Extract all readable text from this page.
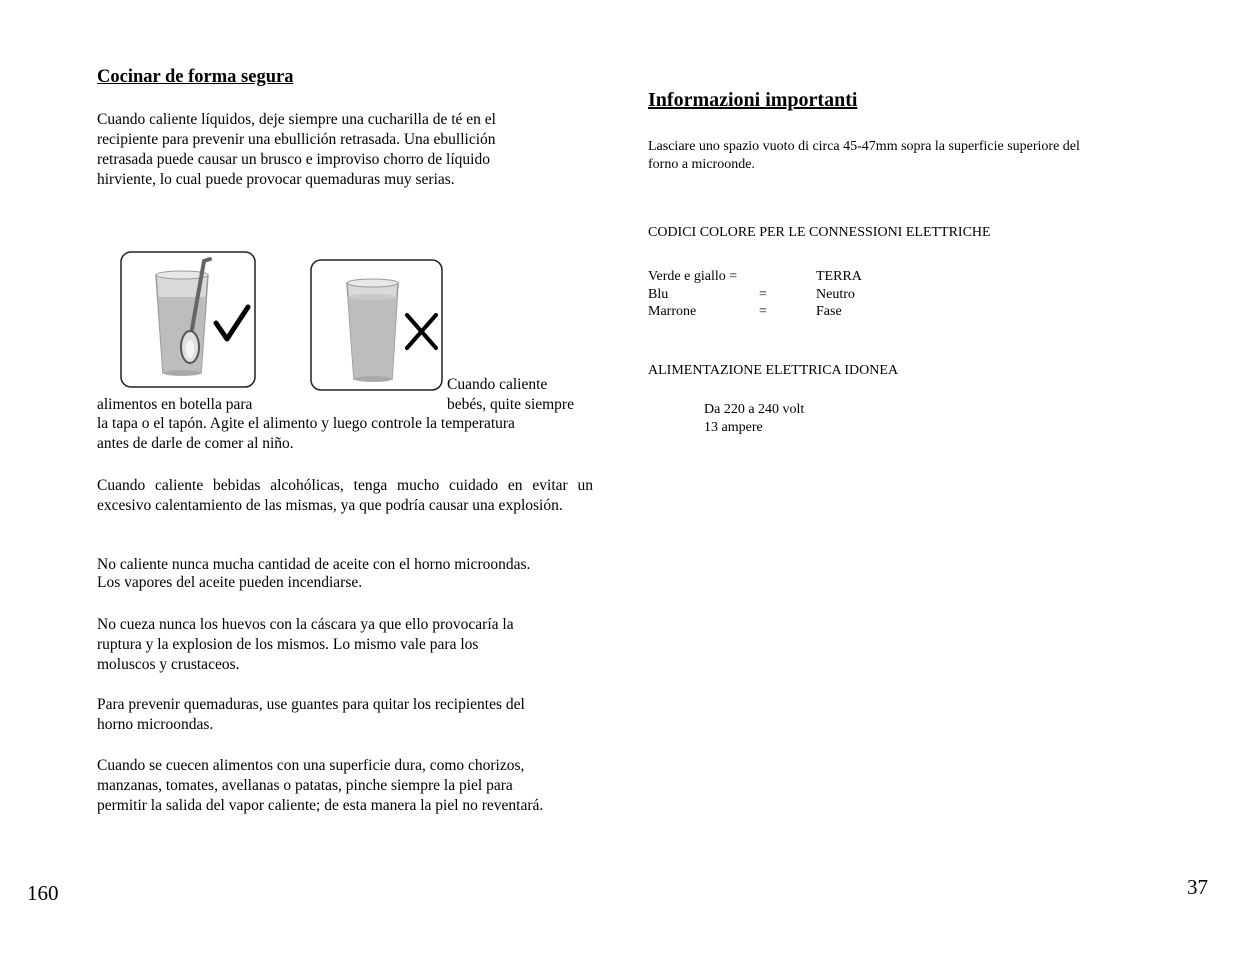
Cocinar de forma segura
Cuando caliente líquidos, deje siempre una cucharilla de té en el
recipiente para prevenir una ebullición retrasada. Una ebullición
retrasada puede causar un brusco e improviso chorro de líquido
hirviente, lo cual puede provocar quemaduras muy serias.
Cuando caliente
alimentos en botella para	bebés, quite siempre
la tapa o el tapón. Agite el alimento y luego controle la temperatura
antes de darle de comer al niño.
Cuando caliente bebidas alcohólicas, tenga mucho cuidado en evitar un excesivo calentamiento de las mismas, ya que podría causar una explosión.
No caliente nunca mucha cantidad de aceite con el horno microondas.
Los vapores del aceite pueden incendiarse.
No cueza nunca los huevos con la cáscara ya que ello provocaría la
ruptura y la explosion de los mismos. Lo mismo vale para los
moluscos y crustaceos.
Para prevenir quemaduras, use guantes para quitar los recipientes del
horno microondas.
Cuando se cuecen alimentos con una superficie dura, como chorizos,
manzanas, tomates, avellanas o patatas, pinche siempre la piel para
permitir la salida del vapor caliente; de esta manera la piel no reventará.
160
Informazioni importanti
Lasciare uno spazio vuoto di circa 45-47mm sopra la superficie superiore del
forno a microonde.
CODICI COLORE PER LE CONNESSIONI ELETTRICHE
Verde e giallo =	TERRA
Blu	=	Neutro
Marrone	=	Fase
ALIMENTAZIONE ELETTRICA IDONEA
Da 220 a 240 volt
13 ampere
37
